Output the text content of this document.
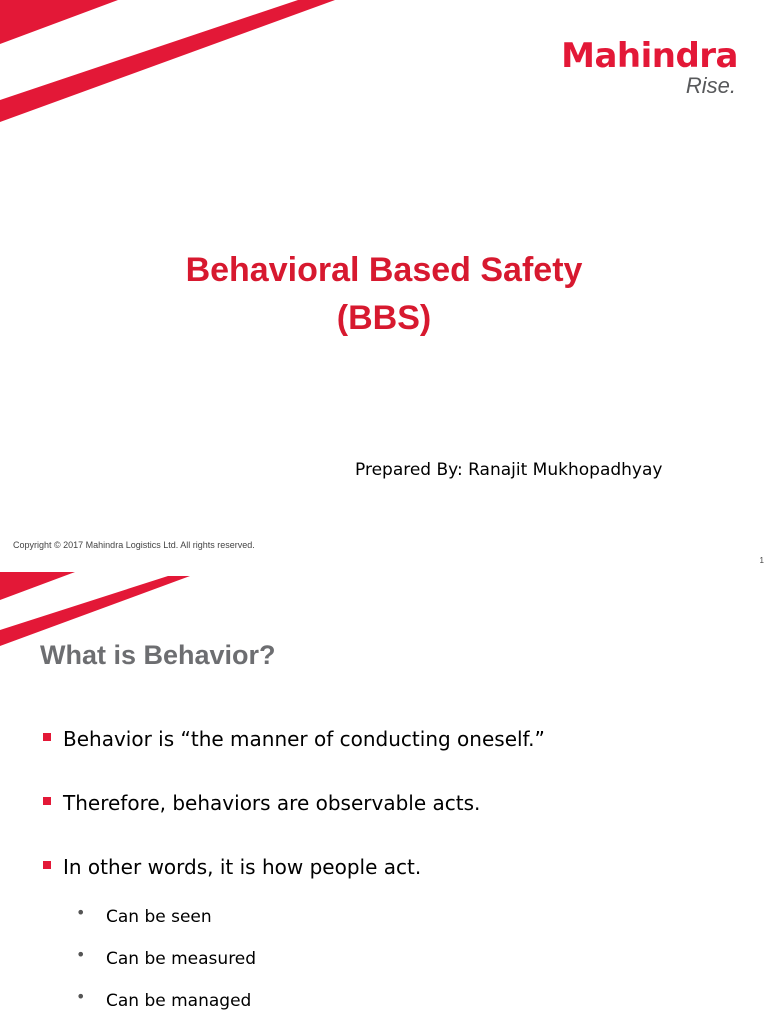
Mahindra
Rise.
Behavioral Based Safety
(BBS)
Prepared By: Ranajit Mukhopadhyay
Copyright © 2017 Mahindra Logistics Ltd. All rights reserved.
1
What is Behavior?
Behavior is “the manner of conducting oneself.”
Therefore, behaviors are observable acts.
In other words, it is how people act.
• Can be seen
• Can be measured
• Can be managed
